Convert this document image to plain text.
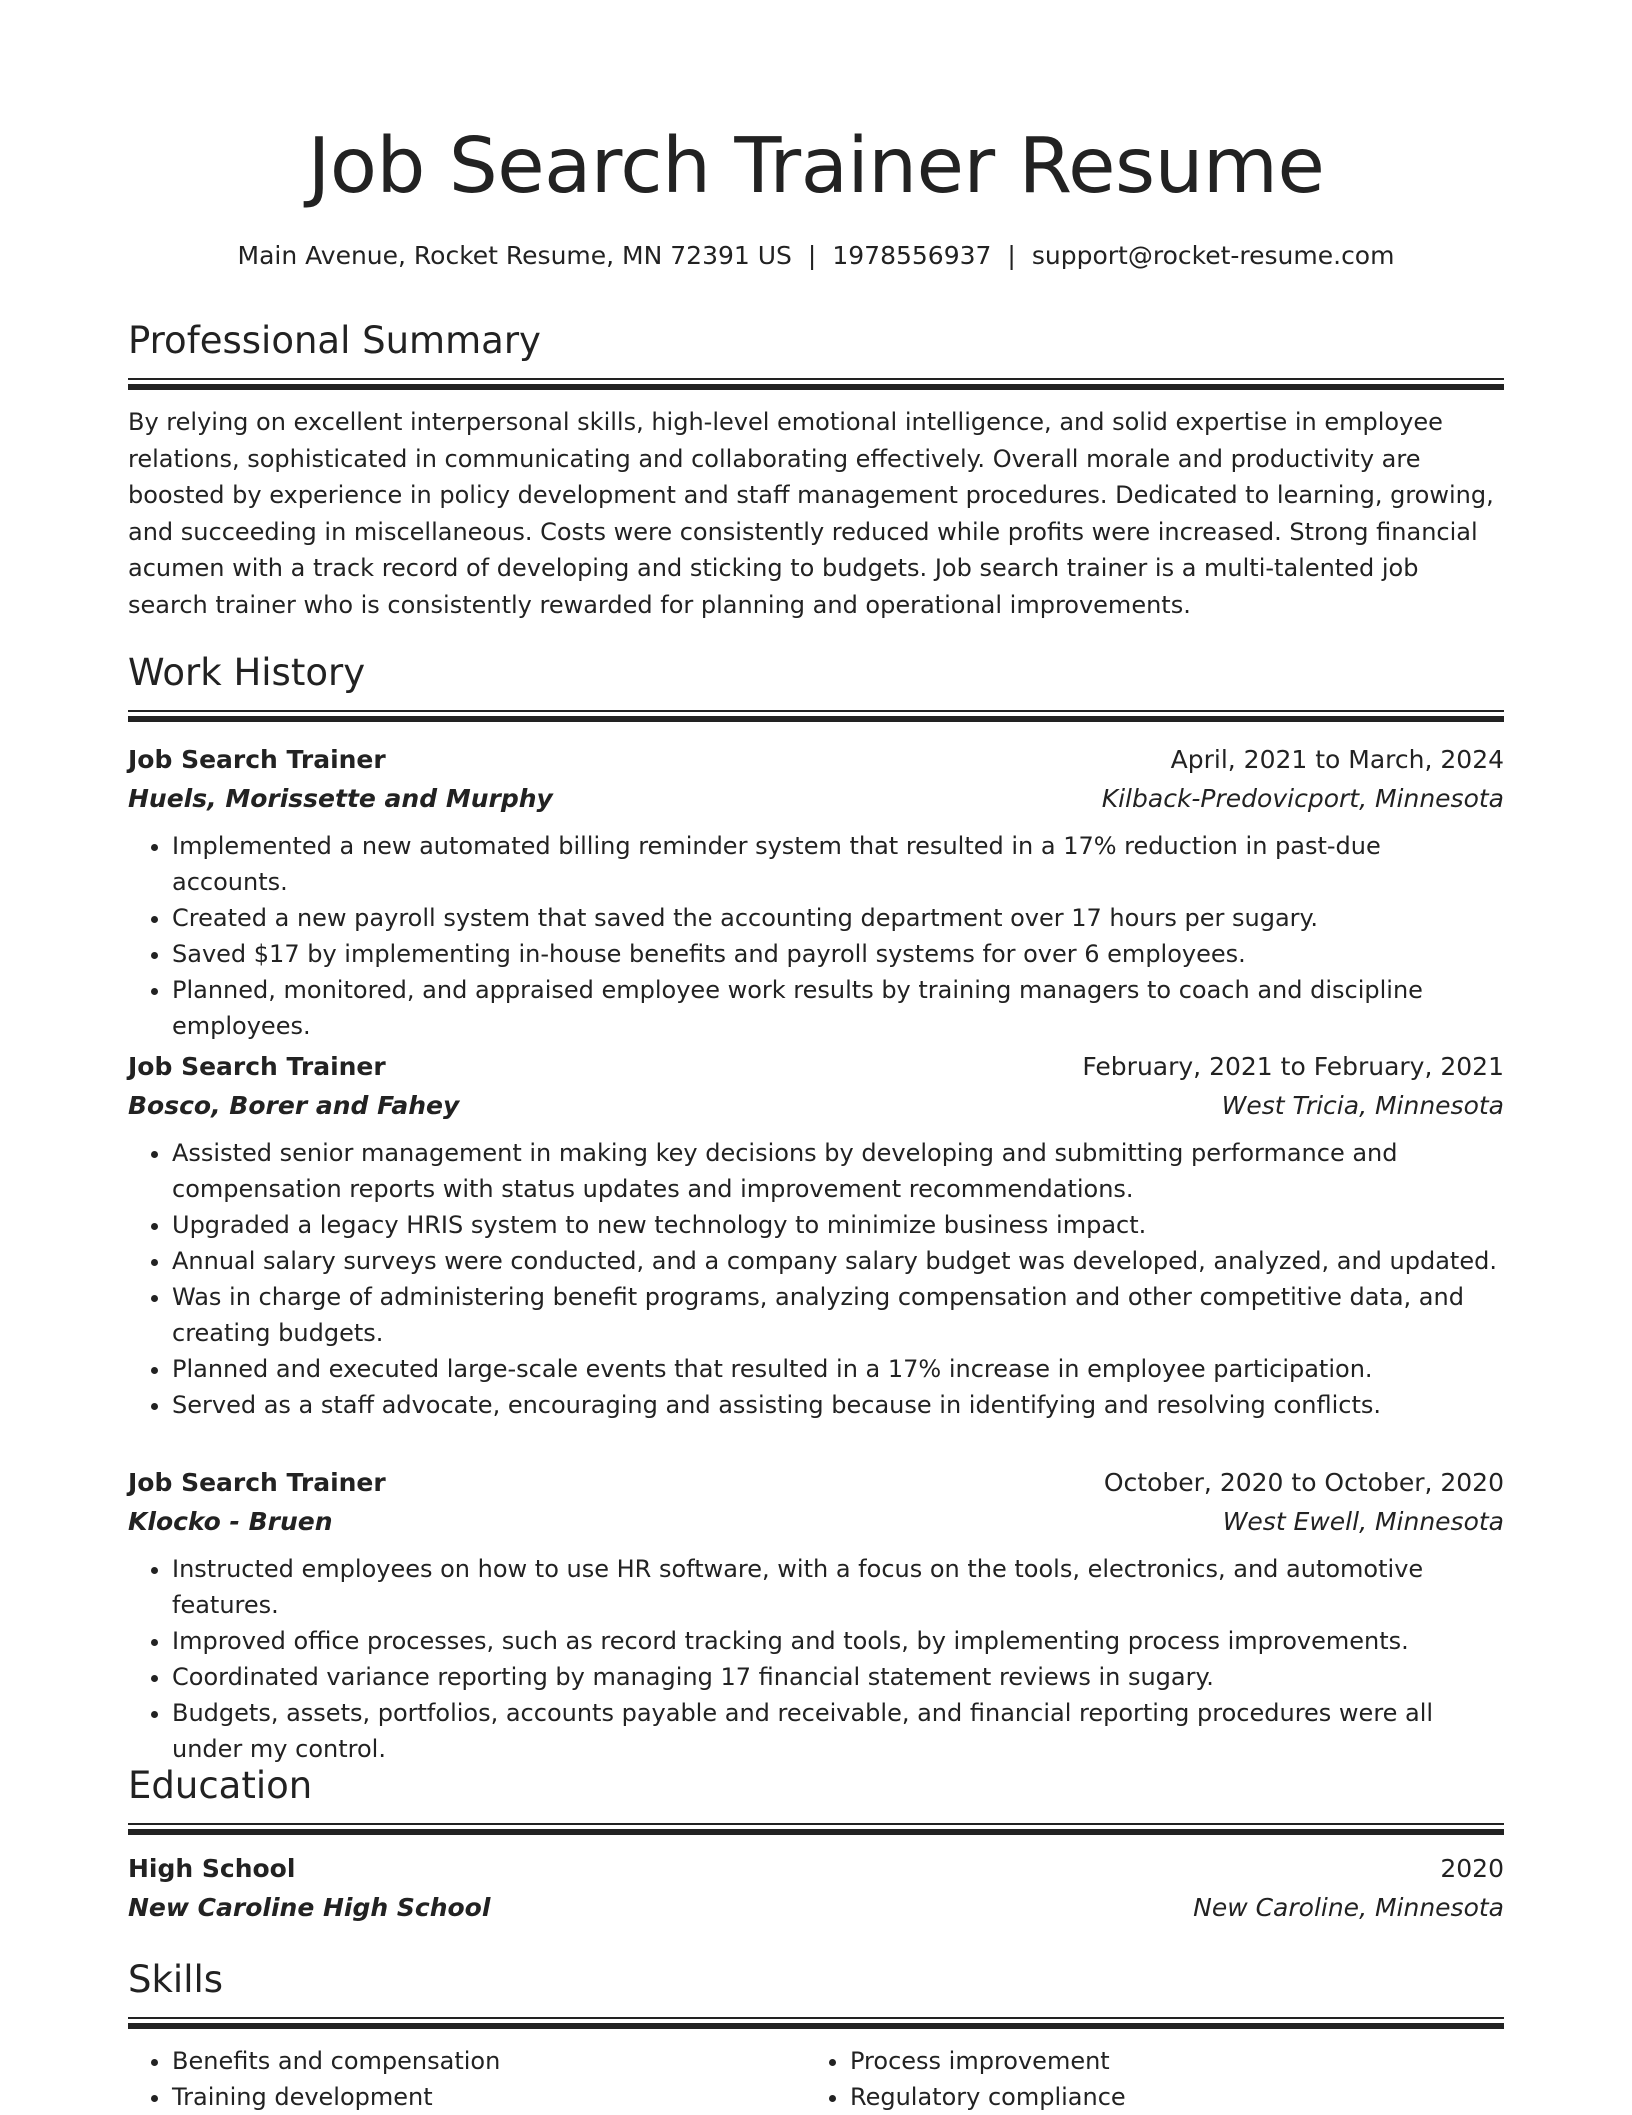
Job Search Trainer Resume
Main Avenue, Rocket Resume, MN 72391 US | 1978556937 | support@rocket-resume.com
Professional Summary

By relying on excellent interpersonal skills, high-level emotional intelligence, and solid expertise in employee relations, sophisticated in communicating and collaborating effectively. Overall morale and productivity are boosted by experience in policy development and staff management procedures. Dedicated to learning, growing, and succeeding in miscellaneous. Costs were consistently reduced while profits were increased. Strong financial acumen with a track record of developing and sticking to budgets. Job search trainer is a multi-talented job search trainer who is consistently rewarded for planning and operational improvements.

Work History
Job Search Trainer	April, 2021 to March, 2024
Huels, Morissette and Murphy	Kilback-Predovicport, Minnesota
• Implemented a new automated billing reminder system that resulted in a 17% reduction in past-due accounts.
• Created a new payroll system that saved the accounting department over 17 hours per sugary.
• Saved $17 by implementing in-house benefits and payroll systems for over 6 employees.
• Planned, monitored, and appraised employee work results by training managers to coach and discipline employees.
Job Search Trainer	February, 2021 to February, 2021
Bosco, Borer and Fahey	West Tricia, Minnesota
• Assisted senior management in making key decisions by developing and submitting performance and compensation reports with status updates and improvement recommendations.
• Upgraded a legacy HRIS system to new technology to minimize business impact.
• Annual salary surveys were conducted, and a company salary budget was developed, analyzed, and updated.
• Was in charge of administering benefit programs, analyzing compensation and other competitive data, and creating budgets.
• Planned and executed large-scale events that resulted in a 17% increase in employee participation.
• Served as a staff advocate, encouraging and assisting because in identifying and resolving conflicts.
Job Search Trainer	October, 2020 to October, 2020
Klocko - Bruen	West Ewell, Minnesota
• Instructed employees on how to use HR software, with a focus on the tools, electronics, and automotive features.
• Improved office processes, such as record tracking and tools, by implementing process improvements.
• Coordinated variance reporting by managing 17 financial statement reviews in sugary.
• Budgets, assets, portfolios, accounts payable and receivable, and financial reporting procedures were all under my control.
Education
High School	2020
New Caroline High School	New Caroline, Minnesota
Skills
• Benefits and compensation
• Training development
• Process improvement
• Regulatory compliance
